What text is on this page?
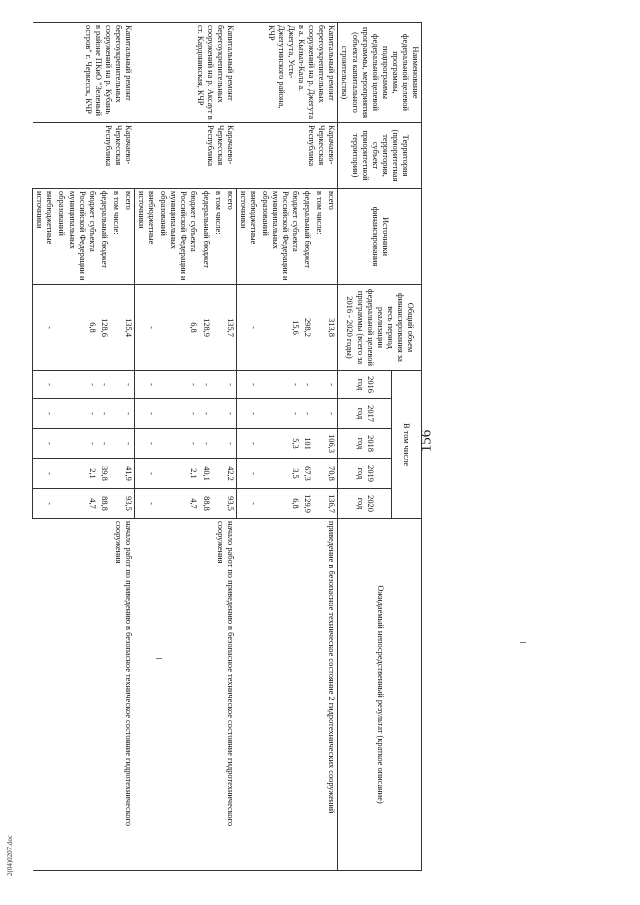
156
2(04)0207.doc
Наименование федеральной целевой программы, подпрограммы федеральной целевой программы, мероприятия (объекта капитального строительства)	Территория (приоритетная территория, субъект приоритетной территории)	Источники финансирования	Общий объем финансирования за весь период реализации федеральной целевой программы (всего за 2016 - 2020 годы)	В том числе					Ожидаемый непосредственный результат (краткое описание)
				2016 год	2017 год	2018 год	2019 год	2020 год	
Капитальный ремонт берегоукрепительных сооружений на р. Джегута в а. Кызыл-Кала а. Джегута, Усть-Джегутинского района, КЧР	Карачаево-Черкесская Республика	всего	313,8	-	-	106,3	70,8	136,7	приведение в безопасное техническое состояние 2 гидротехнических сооружений
		в том числе:							
		федеральный бюджет	298,2	-	-	101	67,3	129,9	
		бюджет субъекта Российской Федерации и муниципальных образований	15,6	-	-	5,3	3,5	6,8	
		внебюджетные источники	-	-	-	-	-	-	
Капитальный ремонт берегоукрепительных сооружений на р. Аксаут в ст. Кардоникская, КЧР	Карачаево-Черкесская Республика	всего	135,7	-	-	-	42,2	93,5	начало работ по приведению в безопасное техническое состояние гидротехнического сооружения
		в том числе:							
		федеральный бюджет	128,9	-	-	-	40,1	88,8	
		бюджет субъекта Российской Федерации и муниципальных образований	6,8	-	-	-	2,1	4,7	
		внебюджетные источники	-	-	-	-	-	-	
Капитальный ремонт берегоукрепительных сооружений на р. Кубань в районе ПКиО "Зеленый остров" г. Черкесск, КЧР	Карачаево-Черкесская Республика	всего	135,4	-	-	-	41,9	93,5	начало работ по приведению в безопасное техническое состояние гидротехнического сооружения
		в том числе:							
		федеральный бюджет	128,6	-	-	-	39,8	88,8	
		бюджет субъекта Российской Федерации и муниципальных образований	6,8	-	-	-	2,1	4,7	
		внебюджетные источники	-	-	-	-	-	-	
